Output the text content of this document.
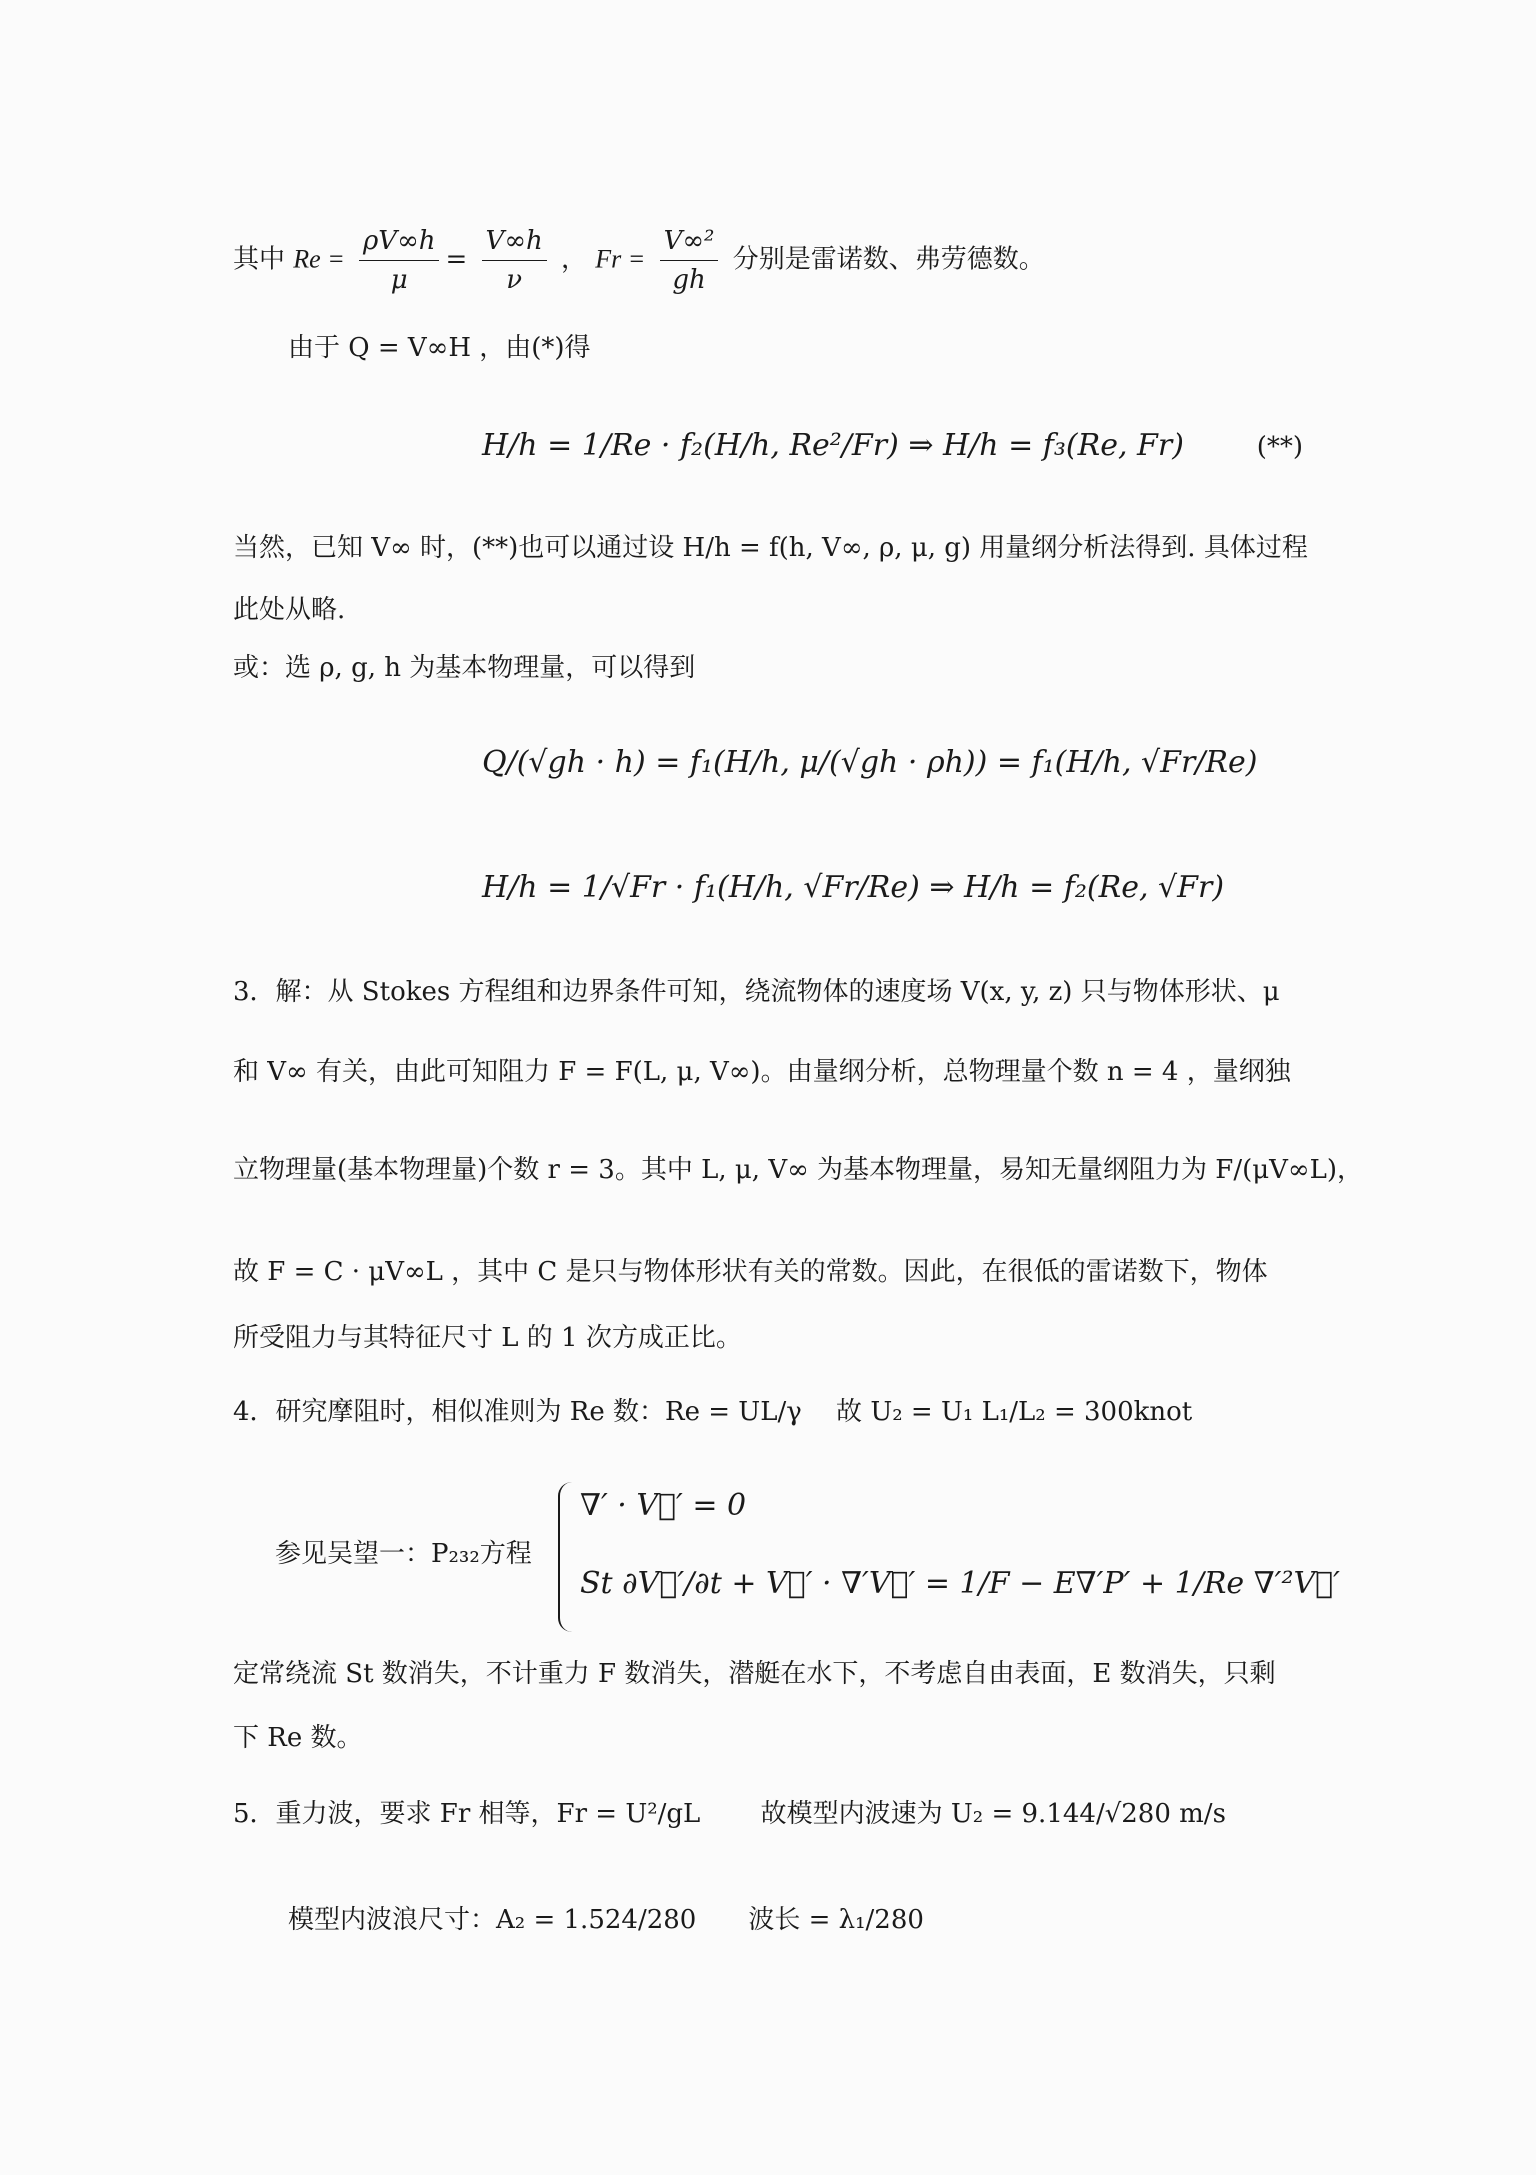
其中 $Re = \frac{\rho V\infty h}{\mu} = \frac{V\infty h}{\nu}$ ， $Fr = \frac{\text{V∞²}}{gh}$ 分别是雷诺数、弗劳德数。
由于 Q = V∞H ，由(*)得
H/h = 1/Re · f₂(H/h, Re²/Fr) ⇒ H/h = f₃(Re, Fr)	(**)
当然，已知 V∞ 时，(**)也可以通过设 H/h = f(h, V∞, ρ, μ, g) 用量纲分析法得到. 具体过程
此处从略.
或：选 ρ, g, h 为基本物理量，可以得到
Q/(√gh · h) = f₁(H/h, μ/(√gh · ρh)) = f₁(H/h, √Fr/Re)
H/h = 1/√Fr · f₁(H/h, √Fr/Re) ⇒ H/h = f₂(Re, √Fr)
3．解：从 Stokes 方程组和边界条件可知，绕流物体的速度场 V(x, y, z) 只与物体形状、μ
和 V∞ 有关，由此可知阻力 F = F(L, μ, V∞)。由量纲分析，总物理量个数 n = 4 ，量纲独
立物理量(基本物理量)个数 r = 3。其中 L, μ, V∞ 为基本物理量，易知无量纲阻力为 F/(μV∞L)，
故 F = C · μV∞L ，其中 C 是只与物体形状有关的常数。因此，在很低的雷诺数下，物体
所受阻力与其特征尺寸 L 的 1 次方成正比。
4．研究摩阻时，相似准则为 Re 数：Re = UL/γ　 故 U₂ = U₁ L₁/L₂ = 300knot
参见吴望一：P₂₃₂方程
∇′ · V⃗′ = 0
St ∂V⃗′/∂t + V⃗′ · ∇′V⃗′ = 1/F − E∇′P′ + 1/Re ∇′²V⃗′
定常绕流 St 数消失，不计重力 F 数消失，潜艇在水下，不考虑自由表面，E 数消失，只剩
下 Re 数。
5．重力波，要求 Fr 相等，Fr = U²/gL　　 故模型内波速为 U₂ = 9.144/√280 m/s
模型内波浪尺寸：A₂ = 1.524/280　　波长 = λ₁/280
